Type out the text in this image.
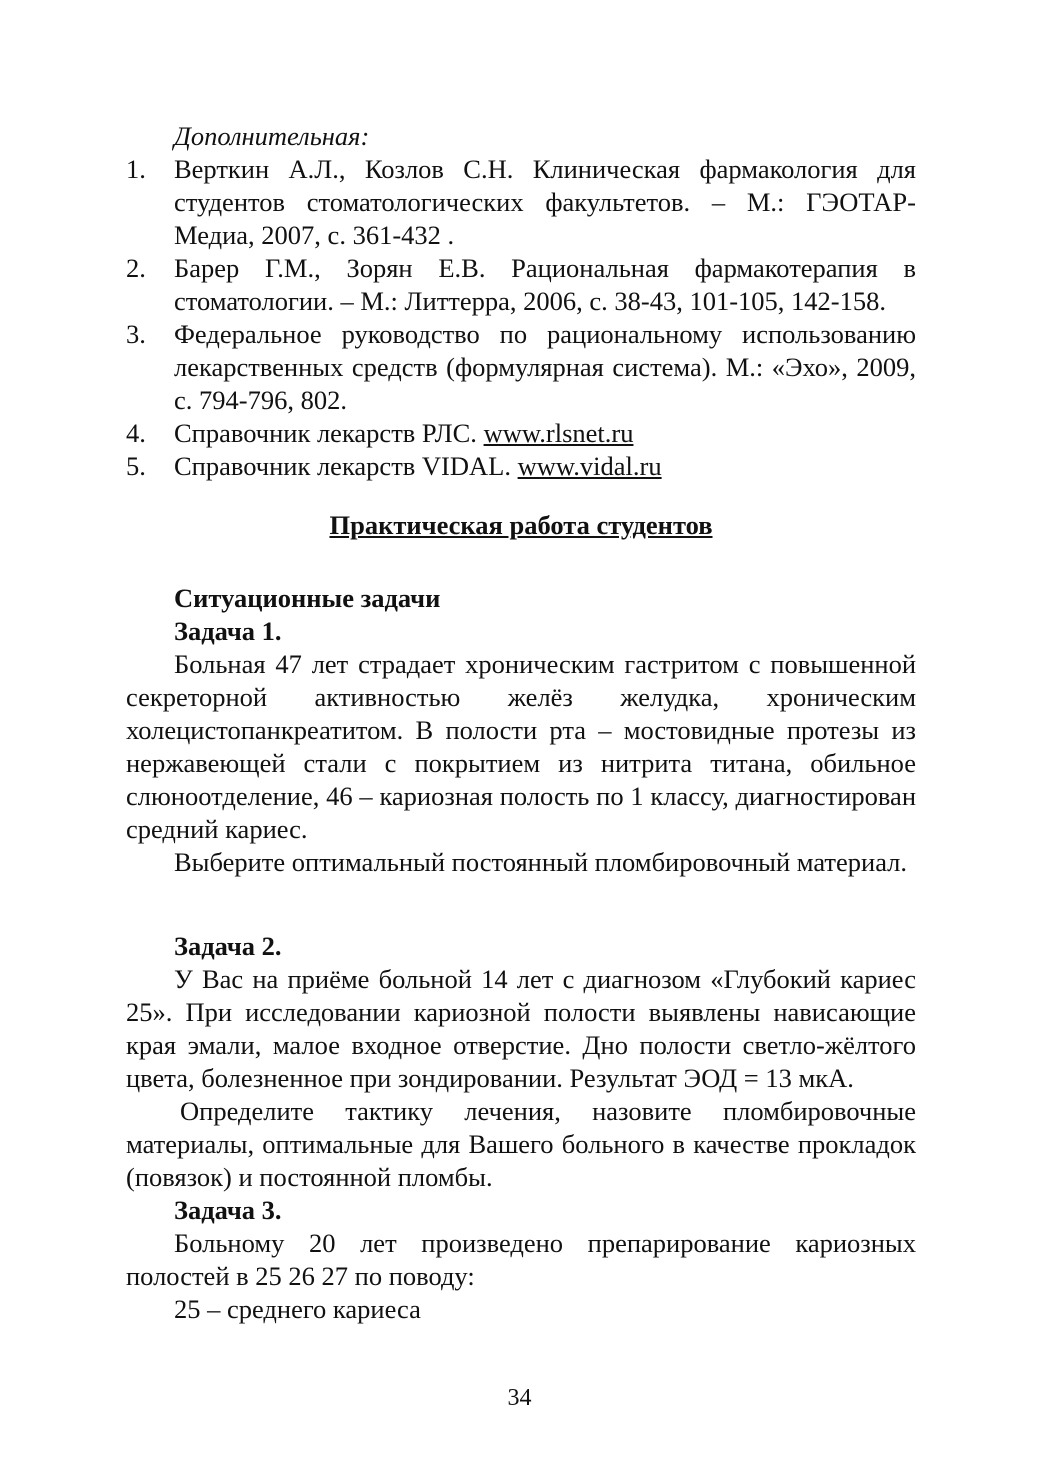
Дополнительная:

1. Верткин А.Л., Козлов С.Н. Клиническая фармакология для студентов стоматологических факультетов. – М.: ГЭОТАР-Медиа, 2007, с. 361-432 .
2. Барер Г.М., Зорян Е.В. Рациональная фармакотерапия в стоматологии. – М.: Литтерра, 2006, с. 38-43, 101-105, 142-158.
3. Федеральное руководство по рациональному использованию лекарственных средств (формулярная система). М.: «Эхо», 2009, с. 794-796, 802.
4. Справочник лекарств РЛС. www.rlsnet.ru
5. Справочник лекарств VIDAL. www.vidal.ru

Практическая работа студентов

Ситуационные задачи

Задача 1.

Больная 47 лет страдает хроническим гастритом с повышенной секреторной активностью желёз желудка, хроническим холецистопанкреатитом. В полости рта – мостовидные протезы из нержавеющей стали с покрытием из нитрита титана, обильное слюноотделение, 46 – кариозная полость по 1 классу, диагностирован средний кариес.

Выберите оптимальный постоянный пломбировочный материал.

Задача 2.

У Вас на приёме больной 14 лет с диагнозом «Глубокий кариес 25». При исследовании кариозной полости выявлены нависающие края эмали, малое входное отверстие. Дно полости светло-жёлтого цвета, болезненное при зондировании. Результат ЭОД = 13 мкА.

Определите тактику лечения, назовите пломбировочные материалы, оптимальные для Вашего больного в качестве прокладок (повязок) и постоянной пломбы.

Задача 3.

Больному 20 лет произведено препарирование кариозных полостей в 25 26 27 по поводу:

25 – среднего кариеса

34
